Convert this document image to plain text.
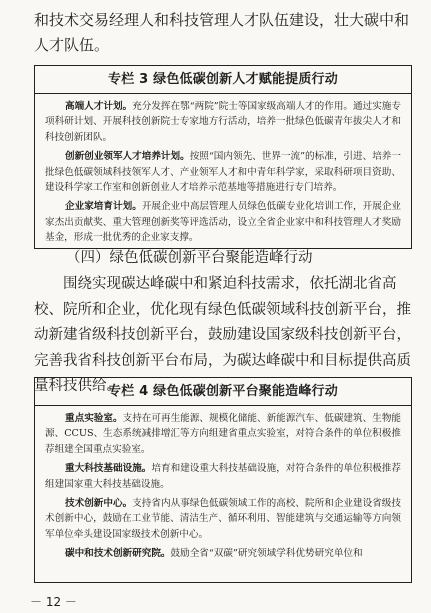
和技术交易经理人和科技管理人才队伍建设，壮大碳中和人才队伍。

专栏 3 绿色低碳创新人才赋能提质行动

高端人才计划。充分发挥在鄂“两院”院士等国家级高端人才的作用。通过实施专项科研计划、开展科技创新院士专家地方行活动，培养一批绿色低碳青年拔尖人才和科技创新团队。

创新创业领军人才培养计划。按照“国内领先、世界一流”的标准，引进、培养一批绿色低碳领域科技领军人才、产业领军人才和中青年科学家，采取科研项目资助、建设科学家工作室和创新创业人才培养示范基地等措施进行专门培养。

企业家培育计划。开展企业中高层管理人员绿色低碳专业化培训工作，开展企业家杰出贡献奖、重大管理创新奖等评选活动，设立全省企业家中和科技管理人才奖励基金，形成一批优秀的企业家支撑。

（四）绿色低碳创新平台聚能造峰行动

围绕实现碳达峰碳中和紧迫科技需求，依托湖北省高校、院所和企业，优化现有绿色低碳领域科技创新平台，推动新建省级科技创新平台，鼓励建设国家级科技创新平台，完善我省科技创新平台布局，为碳达峰碳中和目标提供高质量科技供给。

专栏 4 绿色低碳创新平台聚能造峰行动

重点实验室。支持在可再生能源、规模化储能、新能源汽车、低碳建筑、生物能源、CCUS、生态系统减排增汇等方向组建省重点实验室，对符合条件的单位积极推荐组建全国重点实验室。

重大科技基础设施。培育和建设重大科技基础设施，对符合条件的单位积极推荐组建国家重大科技基础设施。

技术创新中心。支持省内从事绿色低碳领域工作的高校、院所和企业建设省级技术创新中心，鼓励在工业节能、清洁生产、循环利用、智能建筑与交通运输等方向领军单位牵头建设国家级技术创新中心。

碳中和技术创新研究院。鼓励全省“双碳”研究领域学科优势研究单位和

－ 12 －
